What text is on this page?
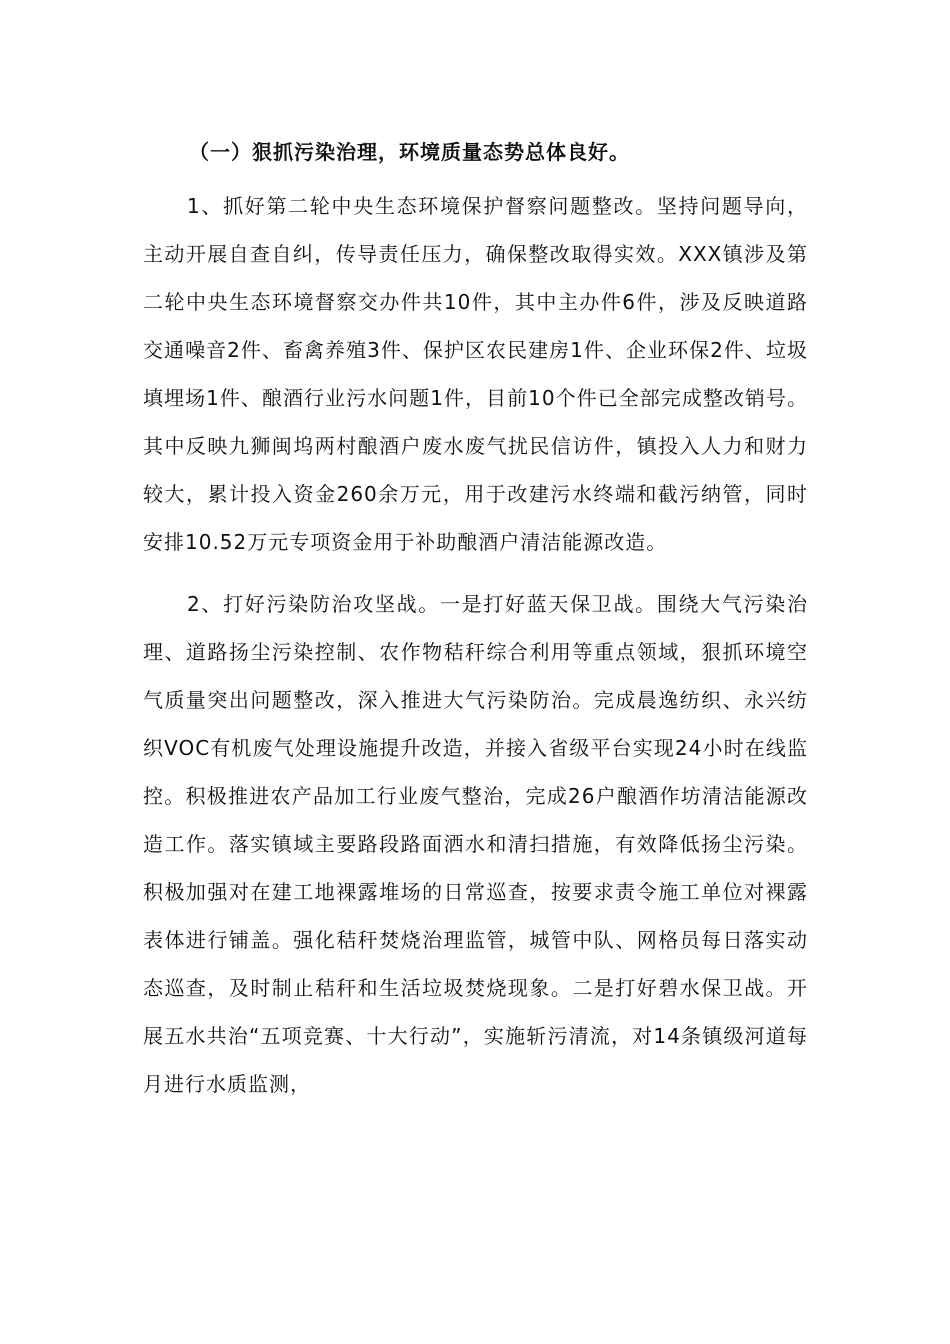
（一）狠抓污染治理，环境质量态势总体良好。

1、抓好第二轮中央生态环境保护督察问题整改。坚持问题导向，主动开展自查自纠，传导责任压力，确保整改取得实效。XXX镇涉及第二轮中央生态环境督察交办件共10件，其中主办件6件，涉及反映道路交通噪音2件、畜禽养殖3件、保护区农民建房1件、企业环保2件、垃圾填埋场1件、酿酒行业污水问题1件，目前10个件已全部完成整改销号。其中反映九狮闽坞两村酿酒户废水废气扰民信访件，镇投入人力和财力较大，累计投入资金260余万元，用于改建污水终端和截污纳管，同时安排10.52万元专项资金用于补助酿酒户清洁能源改造。

2、打好污染防治攻坚战。一是打好蓝天保卫战。围绕大气污染治理、道路扬尘污染控制、农作物秸秆综合利用等重点领域，狠抓环境空气质量突出问题整改，深入推进大气污染防治。完成晨逸纺织、永兴纺织VOC有机废气处理设施提升改造，并接入省级平台实现24小时在线监控。积极推进农产品加工行业废气整治，完成26户酿酒作坊清洁能源改造工作。落实镇域主要路段路面洒水和清扫措施，有效降低扬尘污染。积极加强对在建工地裸露堆场的日常巡查，按要求责令施工单位对裸露表体进行铺盖。强化秸秆焚烧治理监管，城管中队、网格员每日落实动态巡查，及时制止秸秆和生活垃圾焚烧现象。二是打好碧水保卫战。开展五水共治“五项竞赛、十大行动”，实施斩污清流，对14条镇级河道每月进行水质监测，
